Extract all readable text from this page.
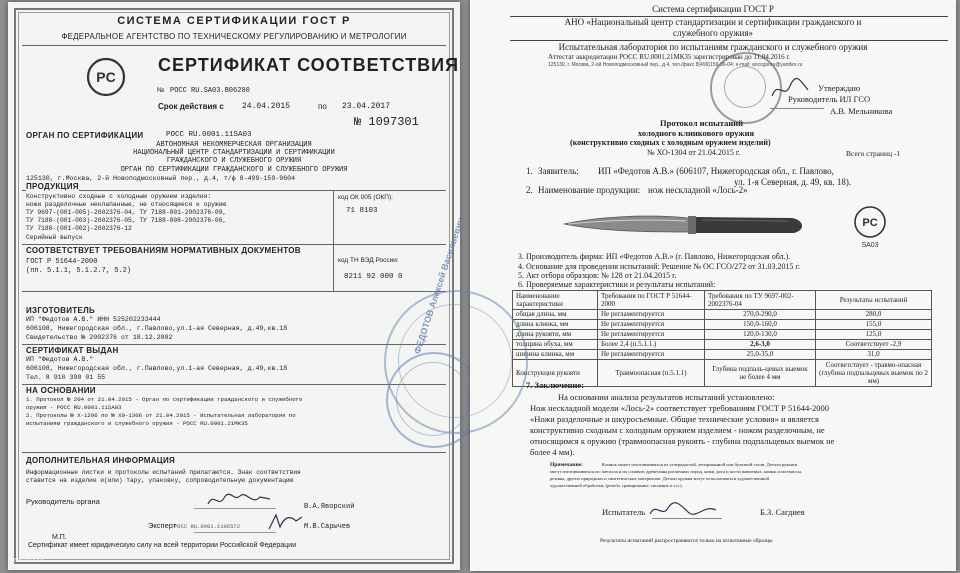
СИСТЕМА СЕРТИФИКАЦИИ ГОСТ Р
ФЕДЕРАЛЬНОЕ АГЕНТСТВО ПО ТЕХНИЧЕСКОМУ РЕГУЛИРОВАНИЮ И МЕТРОЛОГИИ
PC
СЕРТИФИКАТ СООТВЕТСТВИЯ
№ РОСС RU.SA03.B06200
Срок действия с 24.04.2015	по 23.04.2017
№ 1097301
ОРГАН ПО СЕРТИФИКАЦИИ	РОСС RU.0001.11SA03
АВТОНОМНАЯ НЕКОММЕРЧЕСКАЯ ОРГАНИЗАЦИЯ
НАЦИОНАЛЬНЫЙ ЦЕНТР СТАНДАРТИЗАЦИИ И СЕРТИФИКАЦИИ
ГРАЖДАНСКОГО И СЛУЖЕБНОГО ОРУЖИЯ
ОРГАН ПО СЕРТИФИКАЦИИ ГРАЖДАНСКОГО И СЛУЖЕБНОГО ОРУЖИЯ
125130, г.Москва, 2-й Новоподмосковный пер., д.4, т/ф 8-499-159-9604
ПРОДУКЦИЯ
Конструктивно сходные с холодным оружием изделия:
ножи разделочные неклапанные, не относящиеся к оружию
ТУ 9697-(001-005)-2002376-04, ТУ 7188-001-2002376-09,
ТУ 7188-(001-003)-2002376-05, ТУ 7188-008-2002376-06,
ТУ 7188-(001-002)-2002376-12
Серийный выпуск
код ОК 005 (ОКП):
71 8103
СООТВЕТСТВУЕТ ТРЕБОВАНИЯМ НОРМАТИВНЫХ ДОКУМЕНТОВ
ГОСТ Р 51644-2000
(пп. 5.1.1, 5.1.2.7, 5.2)
код ТН ВЭД России:
8211 92 000 0
ИЗГОТОВИТЕЛЬ
ИП "Федотов А.В." ИНН 525202233444
606108, Нижегородская обл., г.Павлово,ул.1-ая Северная, д.49,кв.18
Свидетельство № 2002376 от 18.12.2002
СЕРТИФИКАТ ВЫДАН
ИП "Федотов А.В."
606108, Нижегородская обл., г.Павлово,ул.1-ая Северная, д.49,кв.18
Тел. 8 910 390 01 55
НА ОСНОВАНИИ
1. Протокол № 204 от 21.04.2015 - Орган по сертификации гражданского и служебного
оружия - РОСС RU.0001.11SA03
2. Протоколы № Х-1296 по № Х0-1306 от 21.04.2015 - Испытательная лаборатория по
испытаниям гражданского и служебного оружия - РОСС RU.0001.21МК35
ДОПОЛНИТЕЛЬНАЯ ИНФОРМАЦИЯ
Информационные листки и протоколы испытаний прилагаются. Знак соответствия
ставится на изделие и(или) тару, упаковку, сопроводительную документацию
Руководитель органа
В.А.Яворский
Эксперт	М.В.Сарычев
М.П.
РОСС RU.0001.1106572
Сертификат имеет юридическую силу на всей территории Российской Федерации
zeka-bobr
Система сертификации ГОСТ Р
АНО «Национальный центр стандартизации и сертификации гражданского и
служебного оружия»
Испытательная лаборатория по испытаниям гражданского и служебного оружия
Аттестат аккредитации РОСС RU.0001.21МК35 зарегистрирован до 11.04.2016 г.
125130, г. Москва, 2-ой Новоподмосковный пер., д.4, тел./факс 8(499)159-96-04; е-mail: ancogsoru@yandex.ru
Утверждаю
Руководитель ИЛ ГСО
А.В. Мельникова
Протокол испытаний
холодного клинкового оружия
(конструктивно сходных с холодным оружием изделий)
№ ХО-1304 от 21.04.2015 г.	Всего страниц -1
1. Заявитель: ИП «Федотов А.В.» (606107, Нижегородская обл., г. Павлово,
ул. 1-я Северная, д. 49, кв. 18).
2. Наименование продукции: нож нескладной «Лось-2»
PC
SA03
3. Производитель фирма: ИП «Федотов А.В.» (г. Павлово, Нижегородская обл.).
4. Основание для проведения испытаний: Решение № ОС ГСО/272 от 31.03.2015 г.
5. Акт отбора образцов: № 128 от 21.04.2015 г.
6. Проверяемые характеристики и результаты испытаний:
Наименование характеристики	Требования по ГОСТ Р 51644-2000	Требования по ТУ 9697-002-2002376-04	Результаты испытаний
общая длина, мм	Не регламентируется	270,0-290,0	280,0
длина клинка, мм	Не регламентируется	150,0-160,0	155,0
длина рукояти, мм	Не регламентируется	120,0-130,0	125,0
толщина обуха, мм	Более 2,4 (п.5.1.1.)	2,6-3,0	Соответствует -2,9
ширина клинка, мм	Не регламентируется	25,0-35,0	31,0
Конструкция рукояти	Травмоопасная (п.5.1.1)	Глубина подпаль-цевых выемок не более 4 мм	Соответствует - травмо-опасная (глубина подпальцевых выемок по 2 мм)
7. Заключение:
На основании анализа результатов испытаний установлено:
Нож нескладной модели «Лось-2» соответствует требованиям ГОСТ Р 51644-2000
«Ножи разделочные и шкуросъемные. Общие технические условия» и является
конструктивно сходным с холодным оружием изделием - ножом разделочным, не
относящимся к оружию (травмоопасная рукоять - глубина подпальцевых выемок не
более 4 мм).
Примечание:	Клинок может изготавливаться из углеродистой, легированной или булатной стали. Детали рукояти
могут изготавливаться из: металла и их сплавов; древесины различных пород, кожи, рога и кости животных, камня, пластмассы,
резины, других природных и синтетических материалов. Детали оружия могут использоваться художественной
художественной обработки, (резьба, гравирование, тиснение и т.п.).
Испытатель	Б.З. Сагдиев
Результаты испытаний распространяются только на испытанные образцы
ФЕДОТОВ Алексей Васильевич
